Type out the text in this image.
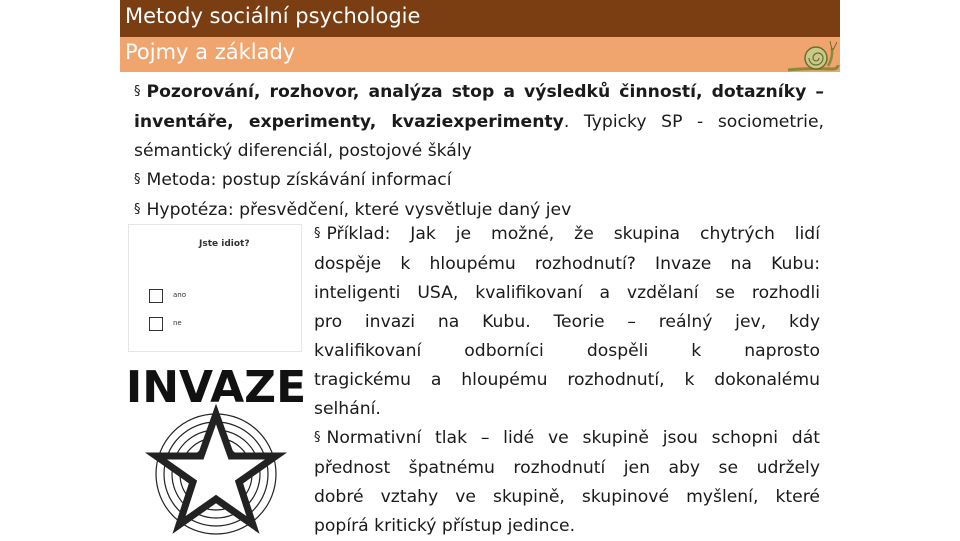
Metody sociální psychologie
Pojmy a základy
§ Pozorování, rozhovor, analýza stop a výsledků činností, dotazníky –
inventáře, experimenty, kvaziexperimenty. Typicky SP - sociometrie,
sémantický diferenciál, postojové škály
§ Metoda: postup získávání informací
§ Hypotéza: přesvědčení, které vysvětluje daný jev
§ Příklad: Jak je možné, že skupina chytrých lidí
dospěje k hloupému rozhodnutí? Invaze na Kubu:
inteligenti USA, kvalifikovaní a vzdělaní se rozhodli
pro invazi na Kubu. Teorie – reálný jev, kdy
kvalifikovaní odborníci dospěli k naprosto
tragickému a hloupému rozhodnutí, k dokonalému
selhání.
§ Normativní tlak – lidé ve skupině jsou schopni dát
přednost špatnému rozhodnutí jen aby se udržely
dobré vztahy ve skupině, skupinové myšlení, které
popírá kritický přístup jedince.
Jste idiot?
ano
ne
INVAZE
